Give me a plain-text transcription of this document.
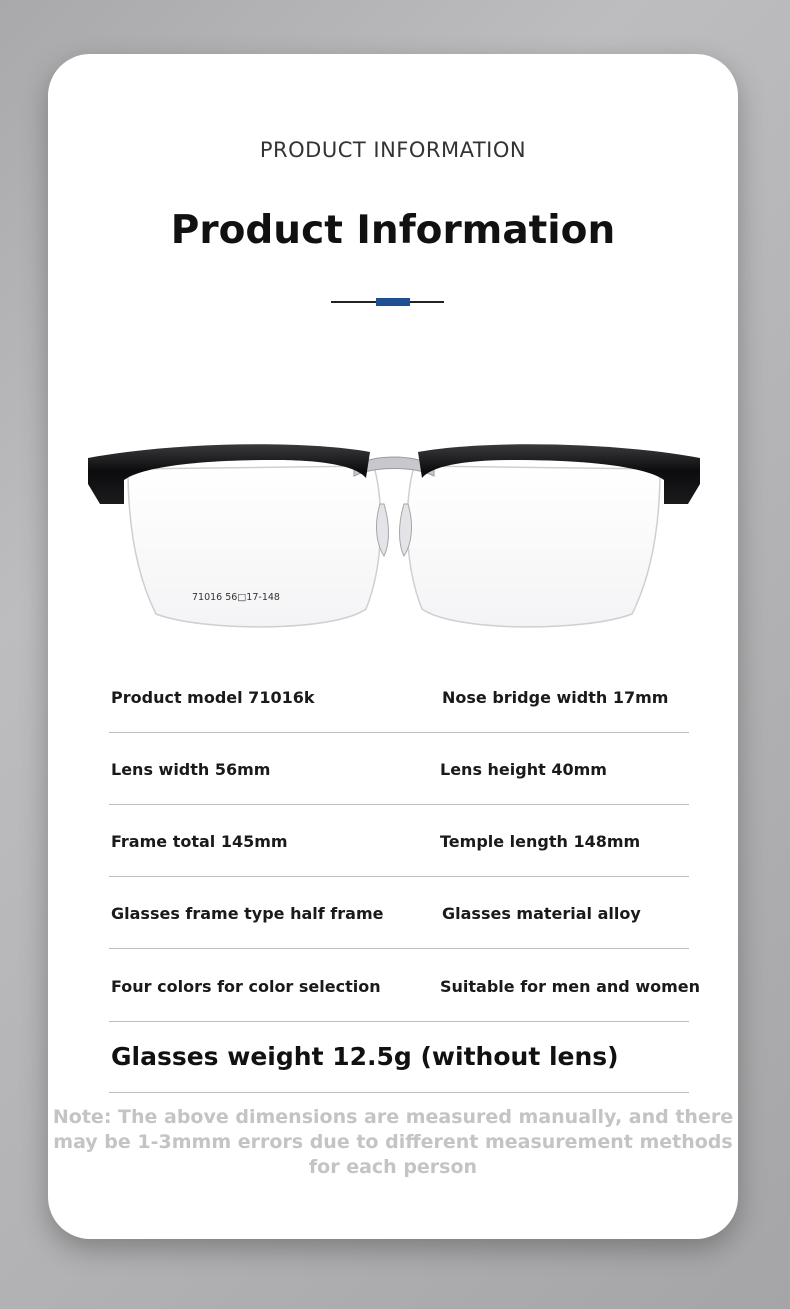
PRODUCT INFORMATION
Product Information
71016 56□17-148
Product model 71016k	Nose bridge width 17mm
Lens width 56mm	Lens height 40mm
Frame total 145mm	Temple length 148mm
Glasses frame type half frame	Glasses material alloy
Four colors for color selection	Suitable for men and women
Glasses weight 12.5g (without lens)
Note: The above dimensions are measured manually, and there may be 1-3mmm errors due to different measurement methods for each person
